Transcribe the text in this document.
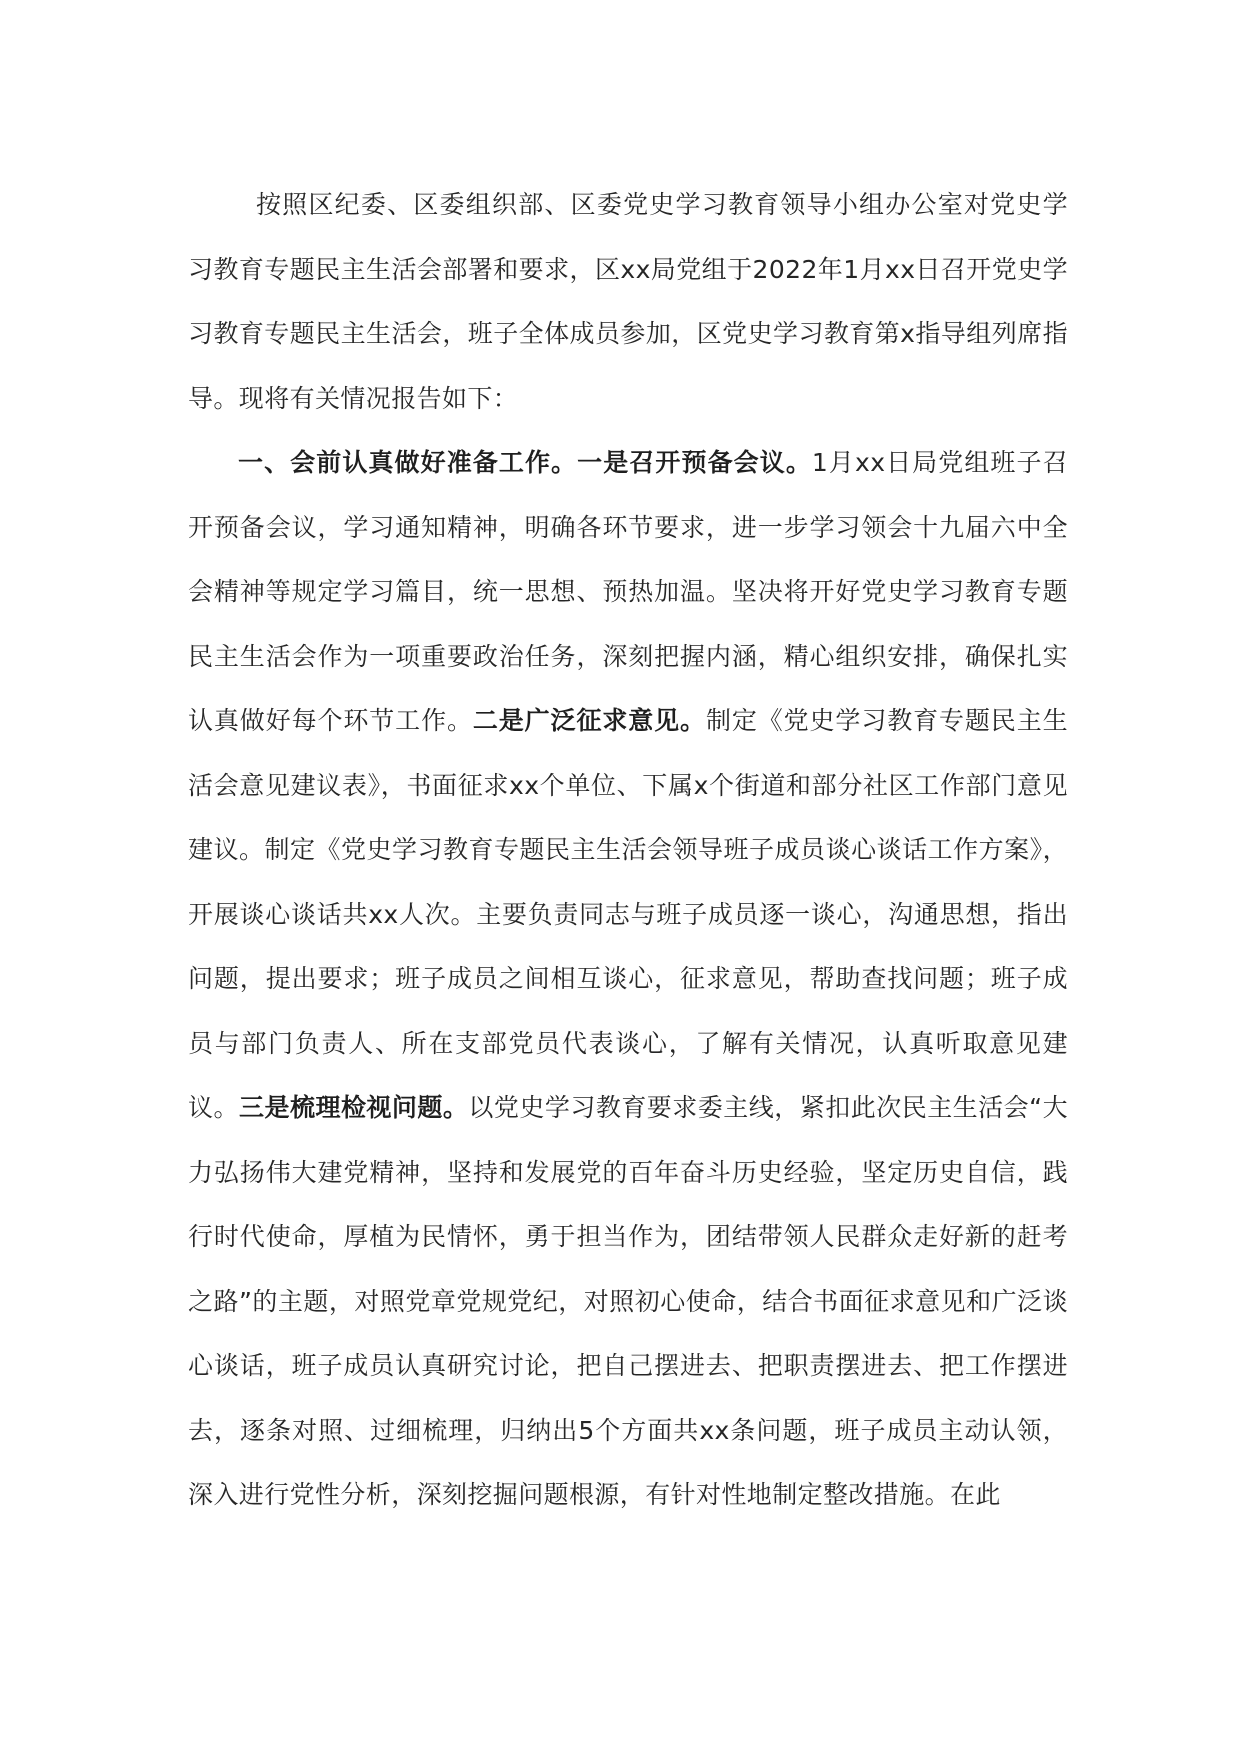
按照区纪委、区委组织部、区委党史学习教育领导小组办公室对党史学习教育专题民主生活会部署和要求，区xx局党组于2022年1月xx日召开党史学习教育专题民主生活会，班子全体成员参加，区党史学习教育第x指导组列席指导。现将有关情况报告如下：

一、会前认真做好准备工作。一是召开预备会议。1月xx日局党组班子召开预备会议，学习通知精神，明确各环节要求，进一步学习领会十九届六中全会精神等规定学习篇目，统一思想、预热加温。坚决将开好党史学习教育专题民主生活会作为一项重要政治任务，深刻把握内涵，精心组织安排，确保扎实认真做好每个环节工作。二是广泛征求意见。制定《党史学习教育专题民主生活会意见建议表》，书面征求xx个单位、下属x个街道和部分社区工作部门意见建议。制定《党史学习教育专题民主生活会领导班子成员谈心谈话工作方案》，开展谈心谈话共xx人次。主要负责同志与班子成员逐一谈心，沟通思想，指出问题，提出要求；班子成员之间相互谈心，征求意见，帮助查找问题；班子成员与部门负责人、所在支部党员代表谈心，了解有关情况，认真听取意见建议。三是梳理检视问题。以党史学习教育要求委主线，紧扣此次民主生活会“大力弘扬伟大建党精神，坚持和发展党的百年奋斗历史经验，坚定历史自信，践行时代使命，厚植为民情怀，勇于担当作为，团结带领人民群众走好新的赶考之路”的主题，对照党章党规党纪，对照初心使命，结合书面征求意见和广泛谈心谈话，班子成员认真研究讨论，把自己摆进去、把职责摆进去、把工作摆进去，逐条对照、过细梳理，归纳出5个方面共xx条问题，班子成员主动认领，深入进行党性分析，深刻挖掘问题根源，有针对性地制定整改措施。在此
